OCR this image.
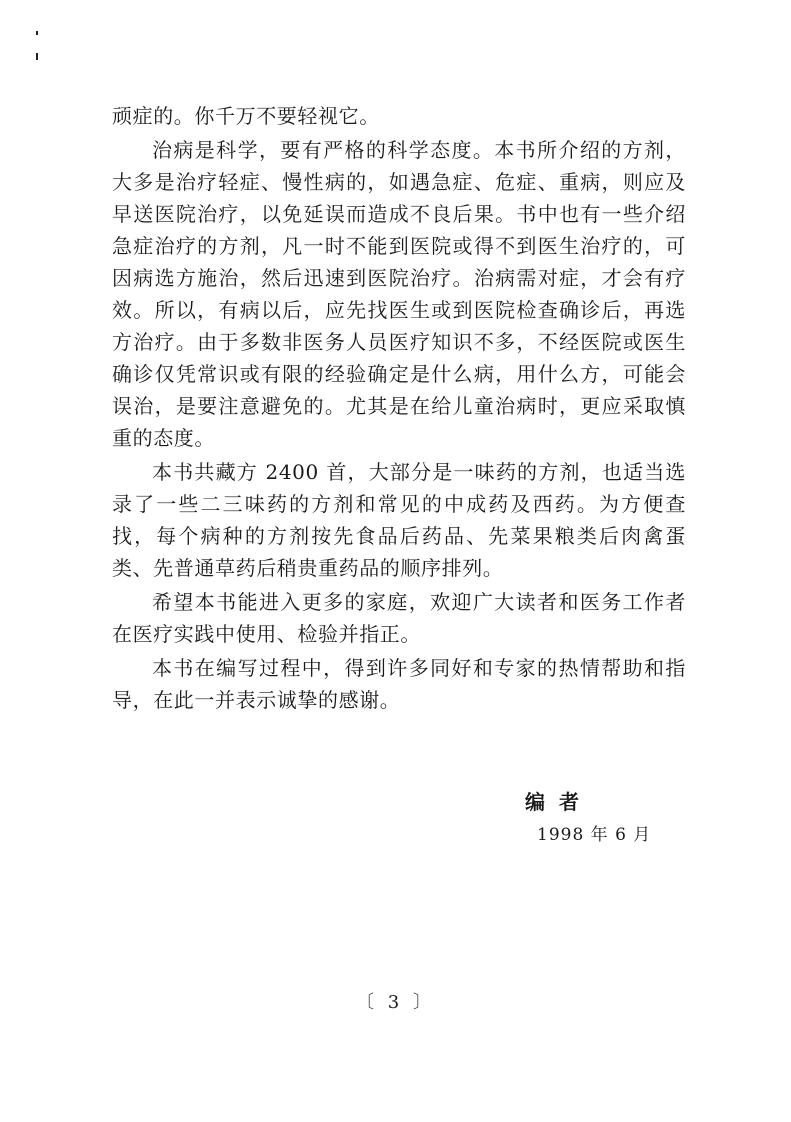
顽症的。你千万不要轻视它。

治病是科学，要有严格的科学态度。本书所介绍的方剂，大多是治疗轻症、慢性病的，如遇急症、危症、重病，则应及早送医院治疗，以免延误而造成不良后果。书中也有一些介绍急症治疗的方剂，凡一时不能到医院或得不到医生治疗的，可因病选方施治，然后迅速到医院治疗。治病需对症，才会有疗效。所以，有病以后，应先找医生或到医院检查确诊后，再选方治疗。由于多数非医务人员医疗知识不多，不经医院或医生确诊仅凭常识或有限的经验确定是什么病，用什么方，可能会误治，是要注意避免的。尤其是在给儿童治病时，更应采取慎重的态度。

本书共藏方 2400 首，大部分是一味药的方剂，也适当选录了一些二三味药的方剂和常见的中成药及西药。为方便查找，每个病种的方剂按先食品后药品、先菜果粮类后肉禽蛋类、先普通草药后稍贵重药品的顺序排列。

希望本书能进入更多的家庭，欢迎广大读者和医务工作者在医疗实践中使用、检验并指正。

本书在编写过程中，得到许多同好和专家的热情帮助和指导，在此一并表示诚挚的感谢。

编者
1998 年 6 月
〔 3 〕
